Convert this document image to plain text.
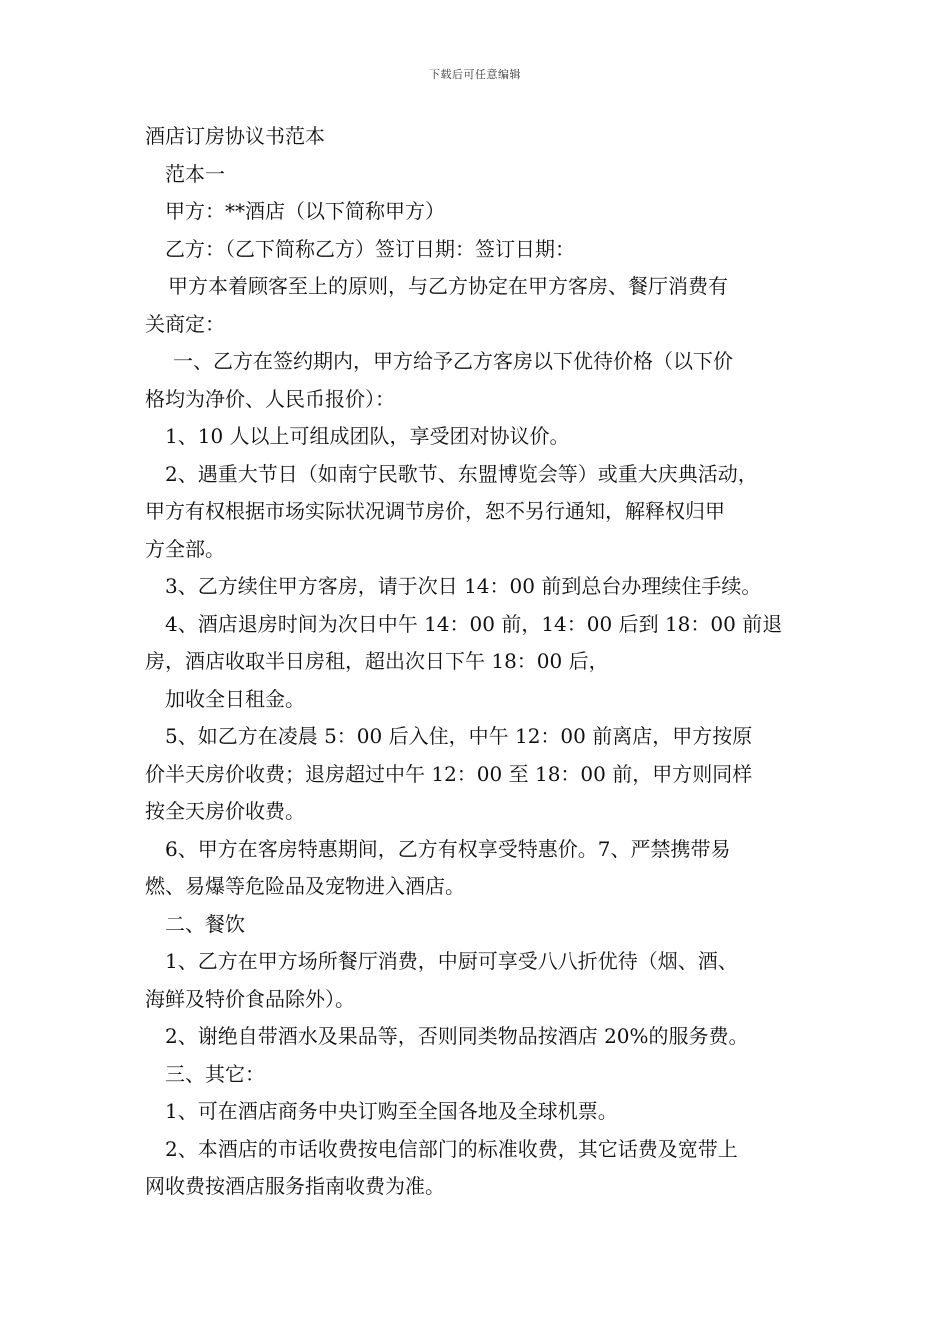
下载后可任意编辑
酒店订房协议书范本
范本一
甲方：**酒店（以下简称甲方）
乙方：（乙下简称乙方）签订日期：签订日期：
甲方本着顾客至上的原则，与乙方协定在甲方客房、餐厅消费有
关商定：
一、乙方在签约期内，甲方给予乙方客房以下优待价格（以下价
格均为净价、人民币报价）：
1、10 人以上可组成团队，享受团对协议价。
2、遇重大节日（如南宁民歌节、东盟博览会等）或重大庆典活动，
甲方有权根据市场实际状况调节房价，恕不另行通知，解释权归甲
方全部。
3、乙方续住甲方客房，请于次日 14：00 前到总台办理续住手续。
4、酒店退房时间为次日中午 14：00 前，14：00 后到 18：00 前退
房，酒店收取半日房租，超出次日下午 18：00 后，
加收全日租金。
5、如乙方在凌晨 5：00 后入住，中午 12：00 前离店，甲方按原
价半天房价收费；退房超过中午 12：00 至 18：00 前，甲方则同样
按全天房价收费。
6、甲方在客房特惠期间，乙方有权享受特惠价。7、严禁携带易
燃、易爆等危险品及宠物进入酒店。
二、餐饮
1、乙方在甲方场所餐厅消费，中厨可享受八八折优待（烟、酒、
海鲜及特价食品除外）。
2、谢绝自带酒水及果品等，否则同类物品按酒店 20%的服务费。
三、其它：
1、可在酒店商务中央订购至全国各地及全球机票。
2、本酒店的市话收费按电信部门的标准收费，其它话费及宽带上
网收费按酒店服务指南收费为准。
